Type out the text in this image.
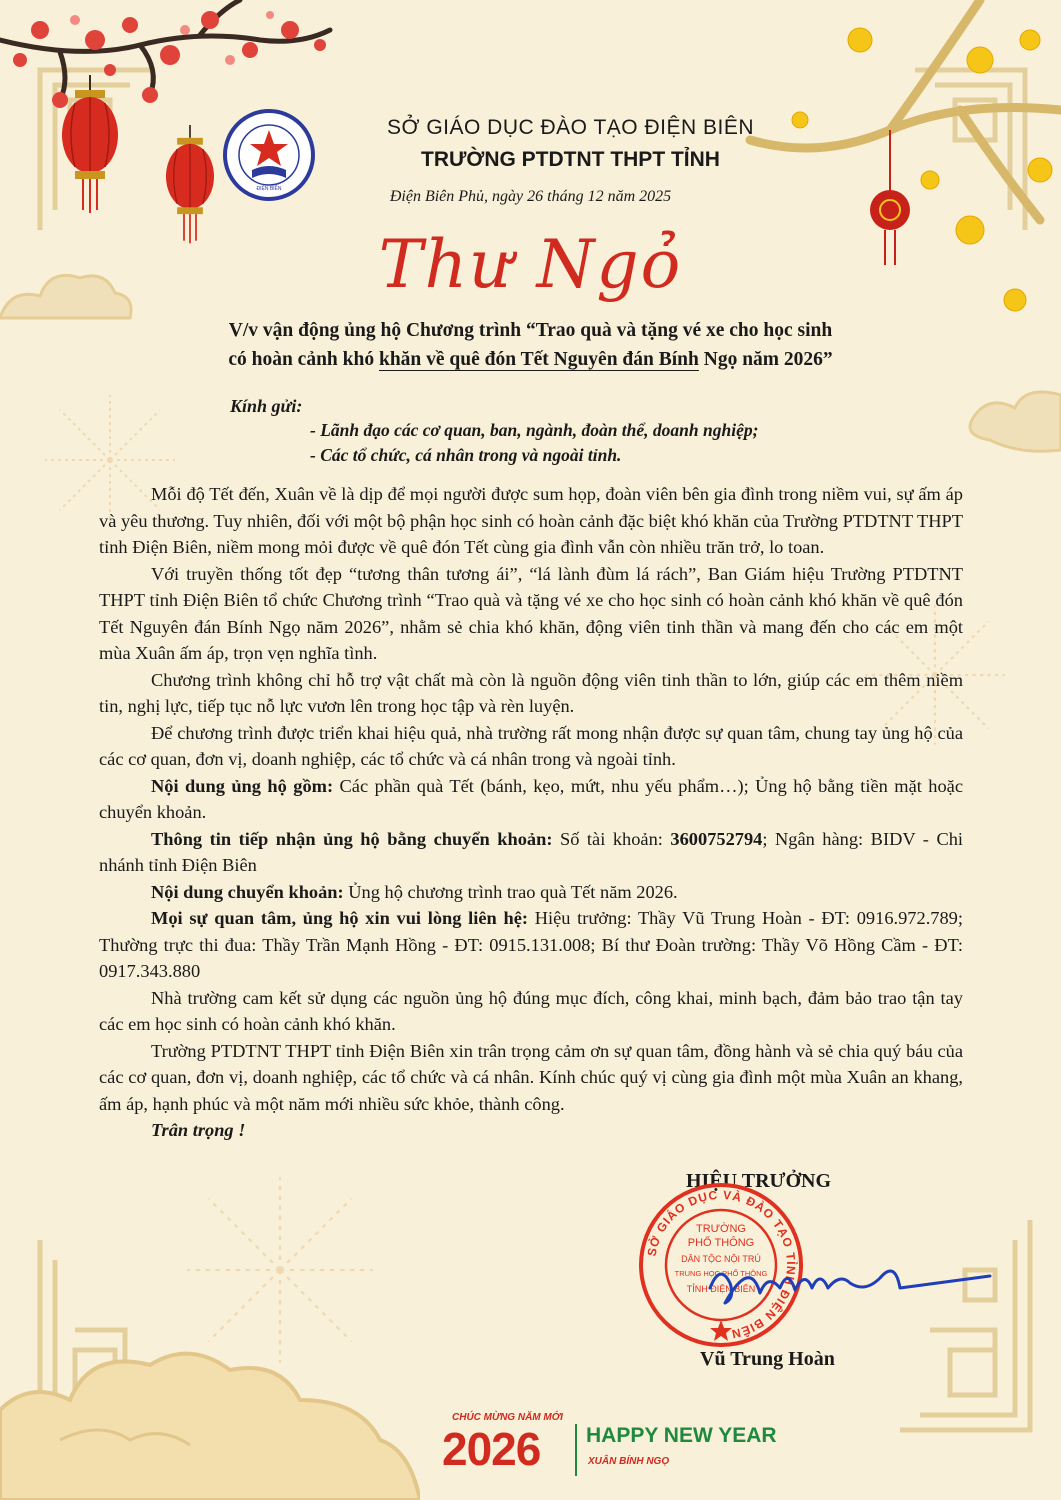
ĐIỆN BIÊN
SỞ GIÁO DỤC ĐÀO TẠO ĐIỆN BIÊN
TRƯỜNG PTDTNT THPT TỈNH
Điện Biên Phủ, ngày 26 tháng 12 năm 2025
Thư Ngỏ
V/v vận động ủng hộ Chương trình “Trao quà và tặng vé xe cho học sinh
có hoàn cảnh khó khăn về quê đón Tết Nguyên đán Bính Ngọ năm 2026”
Kính gửi:
- Lãnh đạo các cơ quan, ban, ngành, đoàn thể, doanh nghiệp;
- Các tổ chức, cá nhân trong và ngoài tỉnh.

Mỗi độ Tết đến, Xuân về là dịp để mọi người được sum họp, đoàn viên bên gia đình trong niềm vui, sự ấm áp và yêu thương. Tuy nhiên, đối với một bộ phận học sinh có hoàn cảnh đặc biệt khó khăn của Trường PTDTNT THPT tỉnh Điện Biên, niềm mong mỏi được về quê đón Tết cùng gia đình vẫn còn nhiều trăn trở, lo toan.

Với truyền thống tốt đẹp “tương thân tương ái”, “lá lành đùm lá rách”, Ban Giám hiệu Trường PTDTNT THPT tỉnh Điện Biên tổ chức Chương trình “Trao quà và tặng vé xe cho học sinh có hoàn cảnh khó khăn về quê đón Tết Nguyên đán Bính Ngọ năm 2026”, nhằm sẻ chia khó khăn, động viên tinh thần và mang đến cho các em một mùa Xuân ấm áp, trọn vẹn nghĩa tình.

Chương trình không chỉ hỗ trợ vật chất mà còn là nguồn động viên tinh thần to lớn, giúp các em thêm niềm tin, nghị lực, tiếp tục nỗ lực vươn lên trong học tập và rèn luyện.

Để chương trình được triển khai hiệu quả, nhà trường rất mong nhận được sự quan tâm, chung tay ủng hộ của các cơ quan, đơn vị, doanh nghiệp, các tổ chức và cá nhân trong và ngoài tỉnh.

Nội dung ủng hộ gồm: Các phần quà Tết (bánh, kẹo, mứt, nhu yếu phẩm…); Ủng hộ bằng tiền mặt hoặc chuyển khoản.

Thông tin tiếp nhận ủng hộ bằng chuyển khoản: Số tài khoản: 3600752794; Ngân hàng: BIDV - Chi nhánh tỉnh Điện Biên

Nội dung chuyển khoản: Ủng hộ chương trình trao quà Tết năm 2026.

Mọi sự quan tâm, ủng hộ xin vui lòng liên hệ: Hiệu trưởng: Thầy Vũ Trung Hoàn - ĐT: 0916.972.789; Thường trực thi đua: Thầy Trần Mạnh Hồng - ĐT: 0915.131.008; Bí thư Đoàn trường: Thầy Võ Hồng Cầm - ĐT: 0917.343.880

Nhà trường cam kết sử dụng các nguồn ủng hộ đúng mục đích, công khai, minh bạch, đảm bảo trao tận tay các em học sinh có hoàn cảnh khó khăn.

Trường PTDTNT THPT tỉnh Điện Biên xin trân trọng cảm ơn sự quan tâm, đồng hành và sẻ chia quý báu của các cơ quan, đơn vị, doanh nghiệp, các tổ chức và cá nhân. Kính chúc quý vị cùng gia đình một mùa Xuân an khang, ấm áp, hạnh phúc và một năm mới nhiều sức khỏe, thành công.

Trân trọng !

HIỆU TRƯỞNG
SỞ GIÁO DỤC VÀ ĐÀO TẠO TỈNH ĐIỆN BIÊN
TRƯỜNG
PHỔ THÔNG
DÂN TỘC NỘI TRÚ
TRUNG HỌC PHỔ THÔNG
TỈNH ĐIỆN BIÊN
Vũ Trung Hoàn
CHÚC MỪNG NĂM MỚI
2026 HAPPY NEW YEAR
XUÂN BÍNH NGỌ
